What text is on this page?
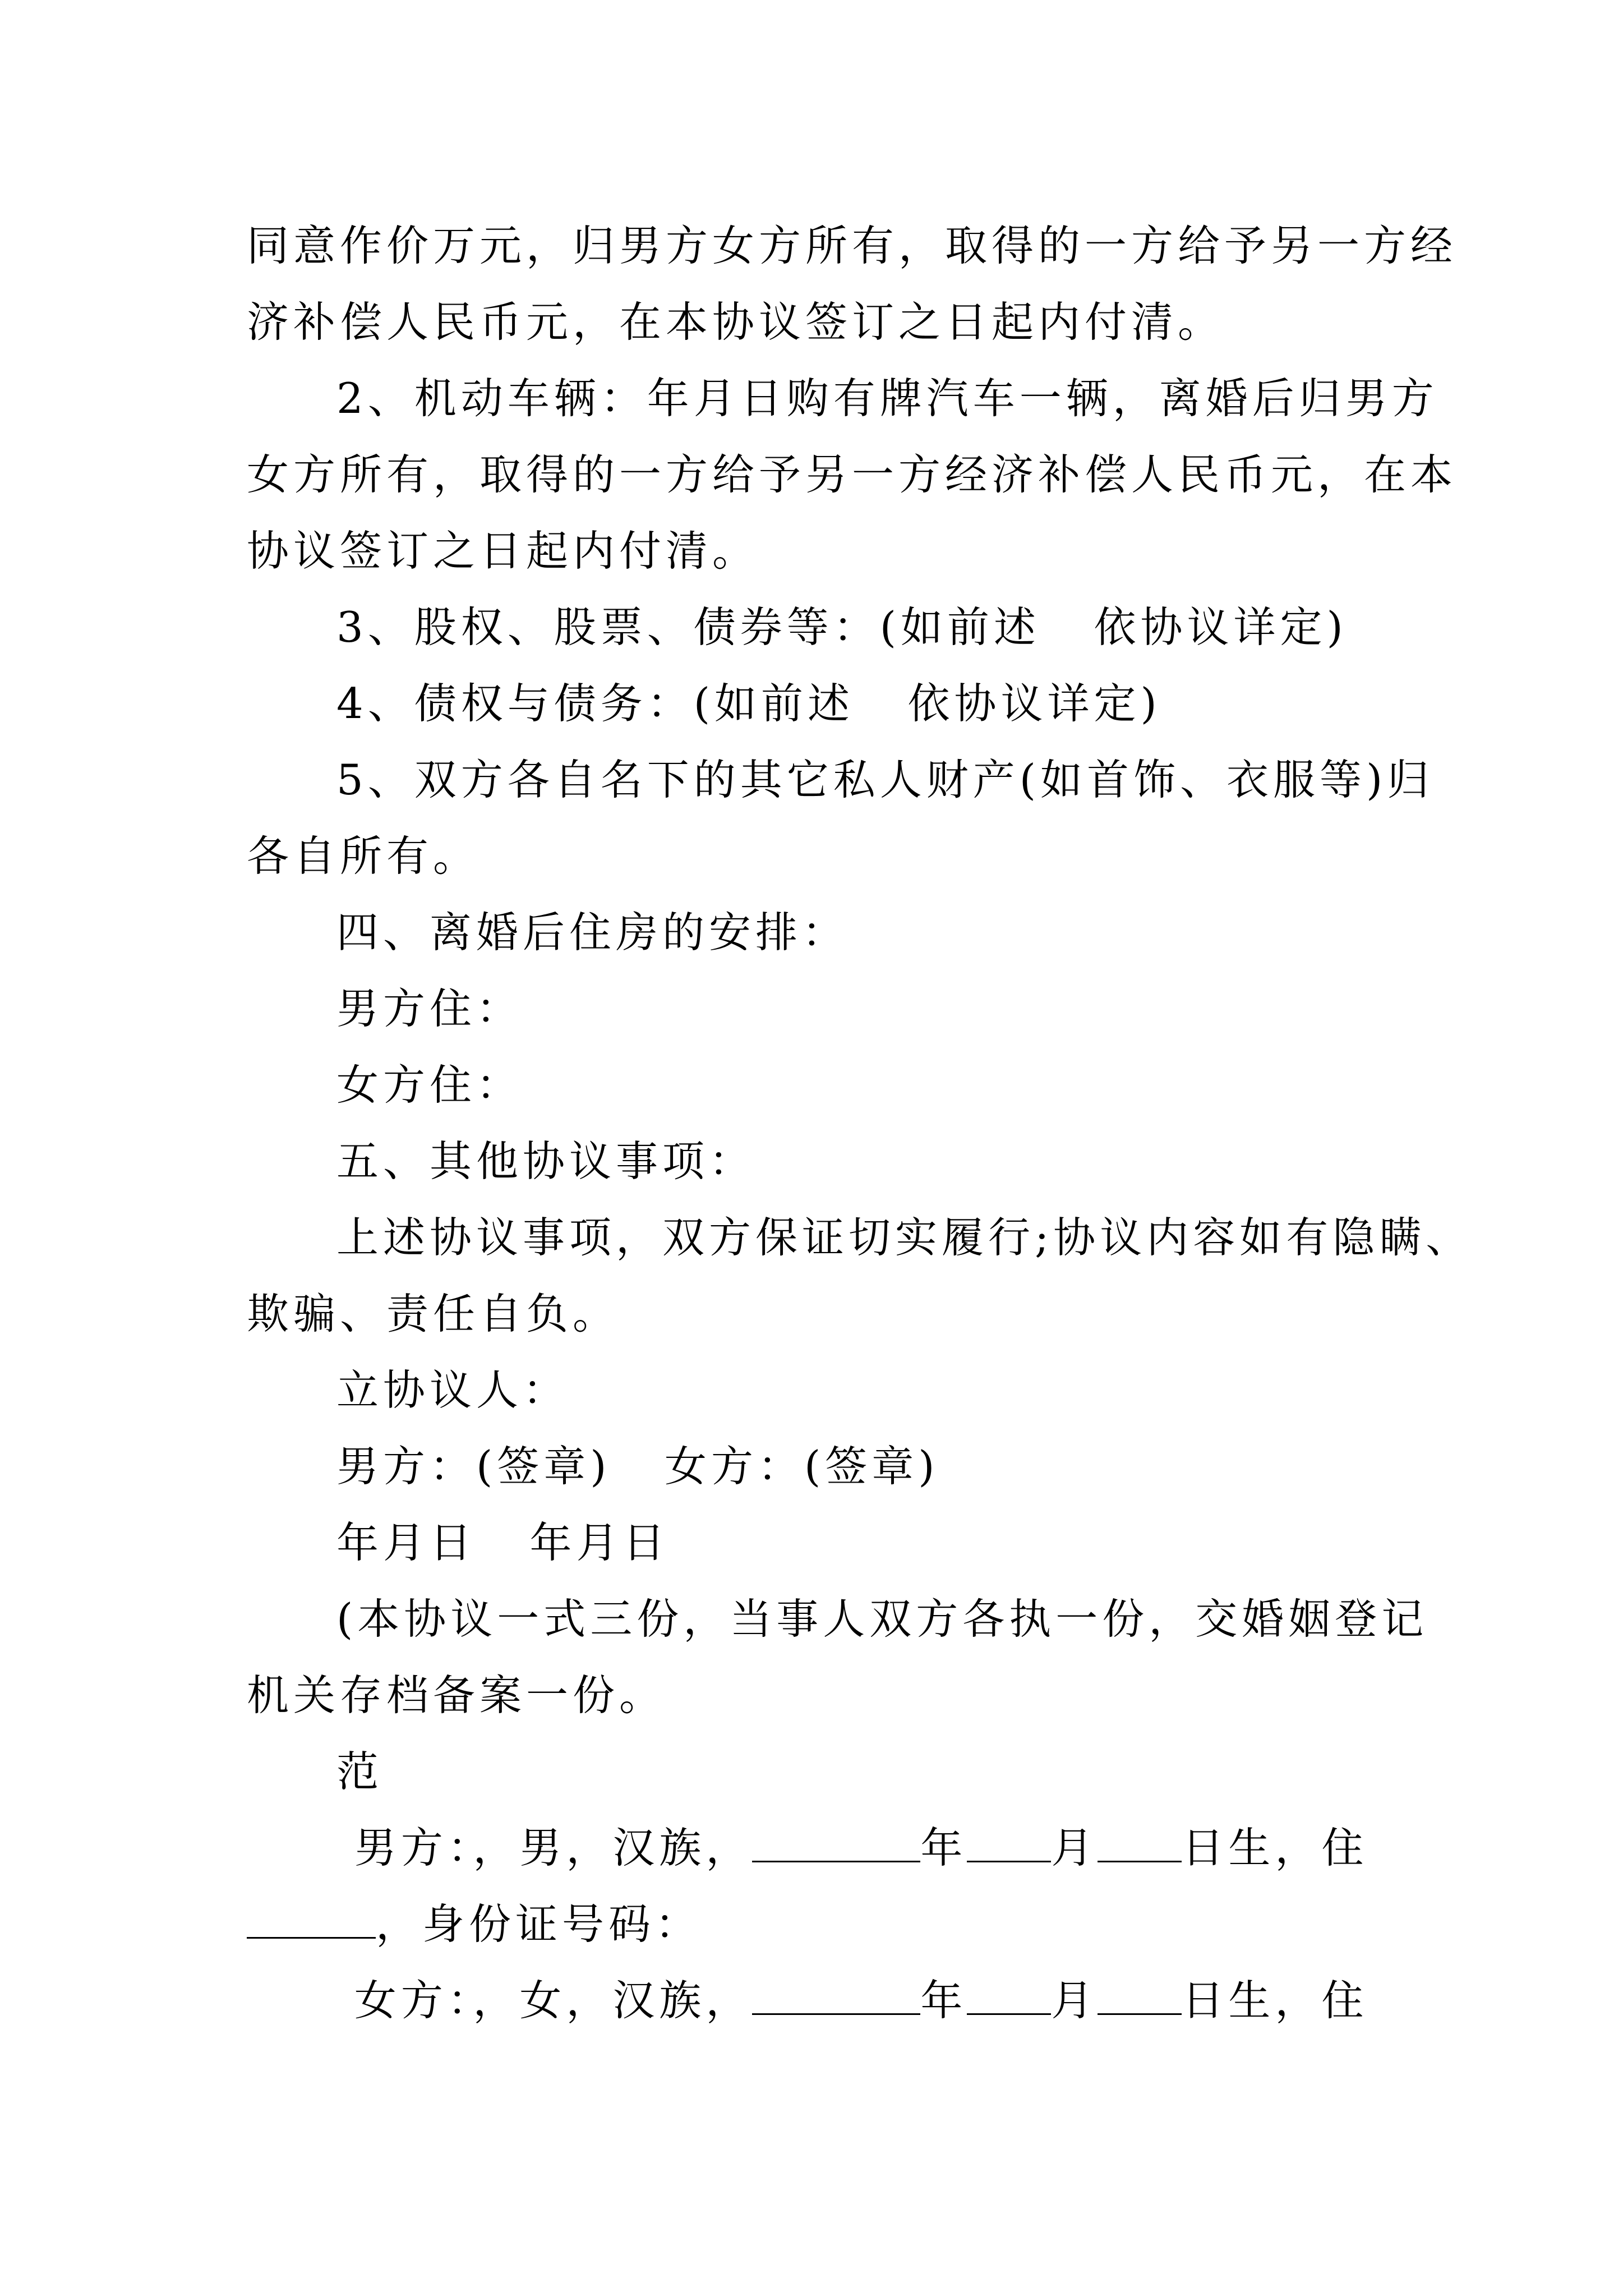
同意作价万元，归男方女方所有，取得的一方给予另一方经
济补偿人民币元，在本协议签订之日起内付清。
2、机动车辆：年月日购有牌汽车一辆，离婚后归男方
女方所有，取得的一方给予另一方经济补偿人民币元，在本
协议签订之日起内付清。
3、股权、股票、债券等：(如前述   依协议详定)
4、债权与债务：(如前述   依协议详定)
5、双方各自名下的其它私人财产(如首饰、衣服等)归
各自所有。
四、离婚后住房的安排：
男方住：
女方住：
五、其他协议事项：
上述协议事项，双方保证切实履行;协议内容如有隐瞒、
欺骗、责任自负。
立协议人：
男方：(签章)   女方：(签章)
年月日   年月日
(本协议一式三份，当事人双方各执一份，交婚姻登记
机关存档备案一份。
范
男方：，男，汉族，	年 月 日生，住
，身份证号码：
女方：，女，汉族，	年 月 日生，住
